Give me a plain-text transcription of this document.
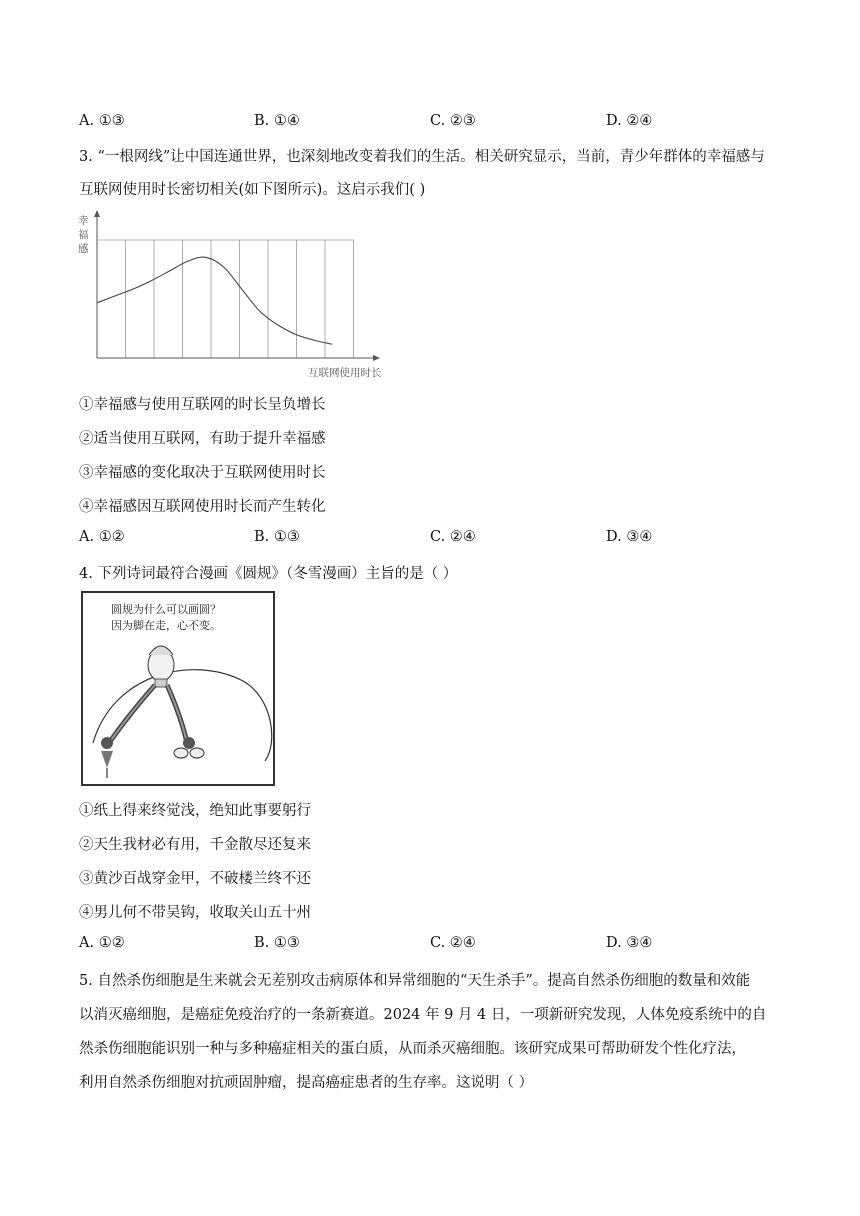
A. ①③	B. ①④	C. ②③	D. ②④
3. “一根网线”让中国连通世界，也深刻地改变着我们的生活。相关研究显示，当前，青少年群体的幸福感与
互联网使用时长密切相关(如下图所示)。这启示我们( )
幸
福
感
互联网使用时长
①幸福感与使用互联网的时长呈负增长
②适当使用互联网，有助于提升幸福感
③幸福感的变化取决于互联网使用时长
④幸福感因互联网使用时长而产生转化
A. ①②	B. ①③	C. ②④	D. ③④
4. 下列诗词最符合漫画《圆规》（冬雪漫画）主旨的是（ ）
圆规为什么可以画圆？
因为脚在走，心不变。
①纸上得来终觉浅，绝知此事要躬行
②天生我材必有用，千金散尽还复来
③黄沙百战穿金甲，不破楼兰终不还
④男儿何不带吴钩，收取关山五十州
A. ①②	B. ①③	C. ②④	D. ③④
5. 自然杀伤细胞是生来就会无差别攻击病原体和异常细胞的“天生杀手”。提高自然杀伤细胞的数量和效能
以消灭癌细胞，是癌症免疫治疗的一条新赛道。2024 年 9 月 4 日，一项新研究发现，人体免疫系统中的自
然杀伤细胞能识别一种与多种癌症相关的蛋白质，从而杀灭癌细胞。该研究成果可帮助研发个性化疗法，
利用自然杀伤细胞对抗顽固肿瘤，提高癌症患者的生存率。这说明（ ）
